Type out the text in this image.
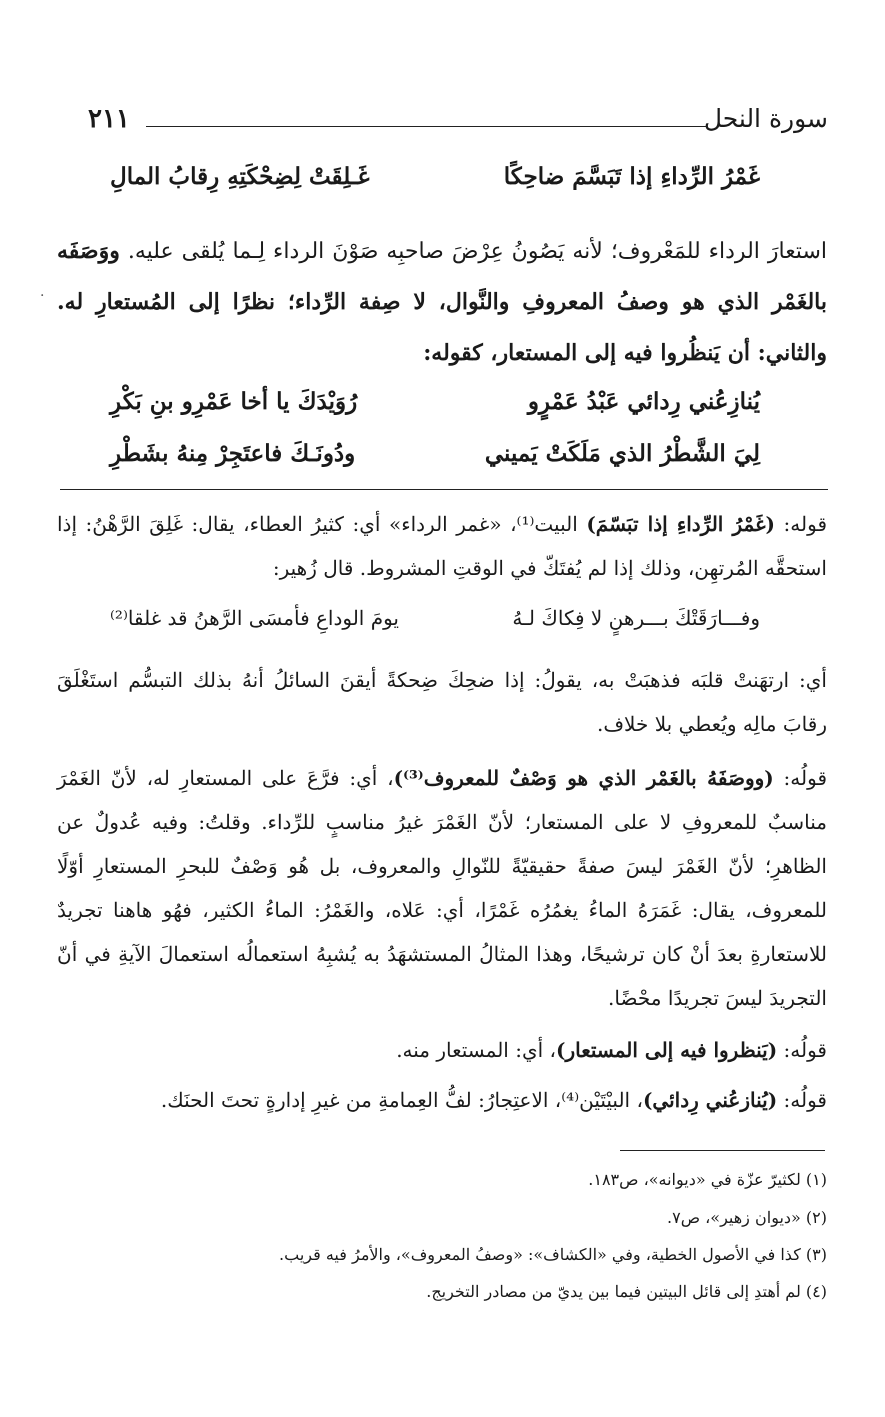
سورة النحل
٢١١
غَمْرُ الرِّداءِ إذا تَبَسَّمَ ضاحِكًا
غَـلِقَتْ لِضِحْكَتِهِ رِقابُ المالِ
استعارَ الرداء للمَعْروف؛ لأنه يَصُونُ عِرْضَ صاحبِه صَوْنَ الرداء لِـما يُلقى عليه. ووَصَفَه بالغَمْر الذي هو وصفُ المعروفِ والنَّوال، لا صِفة الرِّداء؛ نظرًا إلى المُستعارِ له. والثاني: أن يَنظُروا فيه إلى المستعار، كقوله:
يُنازِعُني رِدائي عَبْدُ عَمْرٍو
رُوَيْدَكَ يا أخا عَمْرِو بنِ بَكْرِ
لِيَ الشَّطْرُ الذي مَلَكَتْ يَميني
ودُونَـكَ فاعتَجِرْ مِنهُ بشَطْرِ
قوله: (غَمْرُ الرِّداءِ إذا تبَسّمَ) البيت⁽¹⁾، «غمر الرداء» أي: كثيرُ العطاء، يقال: غَلِقَ الرَّهْنُ: إذا استحقَّه المُرتهِن، وذلك إذا لم يُفتَكّ في الوقتِ المشروط. قال زُهير:
وفـــارَقَتْكَ بـــرهنٍ لا فِكاكَ لـهُ
يومَ الوداعِ فأمسَى الرَّهنُ قد غلقا⁽²⁾
أي: ارتهَنتْ قلبَه فذهبَتْ به، يقولُ: إذا ضحِكَ ضِحكةً أيقنَ السائلُ أنهُ بذلك التبسُّم استَغْلَقَ رقابَ مالِه ويُعطي بلا خلاف.
قولُه: (ووصَفَهُ بالغَمْر الذي هو وَصْفٌ للمعروف⁽³⁾)، أي: فرَّعَ على المستعارِ له، لأنّ الغَمْرَ مناسبٌ للمعروفِ لا على المستعار؛ لأنّ الغَمْرَ غيرُ مناسبٍ للرِّداء. وقلتُ: وفيه عُدولٌ عن الظاهرِ؛ لأنّ الغَمْرَ ليسَ صفةً حقيقيّةً للنّوالِ والمعروف، بل هُو وَصْفٌ للبحرِ المستعارِ أوّلًا للمعروف، يقال: غَمَرَهُ الماءُ يغمُرُه غَمْرًا، أي: عَلاه، والغَمْرُ: الماءُ الكثير، فهُو هاهنا تجريدٌ للاستعارةِ بعدَ أنْ كان ترشيحًا، وهذا المثالُ المستشهَدُ به يُشبِهُ استعمالُه استعمالَ الآيةِ في أنّ التجريدَ ليسَ تجريدًا محْضًا.
قولُه: (يَنظروا فيه إلى المستعار)، أي: المستعار منه.
قولُه: (يُنازعُني رِدائي)، البيْتَيْن⁽⁴⁾، الاعتِجارُ: لفُّ العِمامةِ من غيرِ إدارةٍ تحتَ الحنَك.
(١) لكثيرّ عزّة في «ديوانه»، ص١٨٣.
(٢) «ديوان زهير»، ص٧.
(٣) كذا في الأصول الخطية، وفي «الكشاف»: «وصفُ المعروف»، والأمرُ فيه قريب.
(٤) لم أهتدِ إلى قائل البيتين فيما بين يديّ من مصادر التخريج.
·
